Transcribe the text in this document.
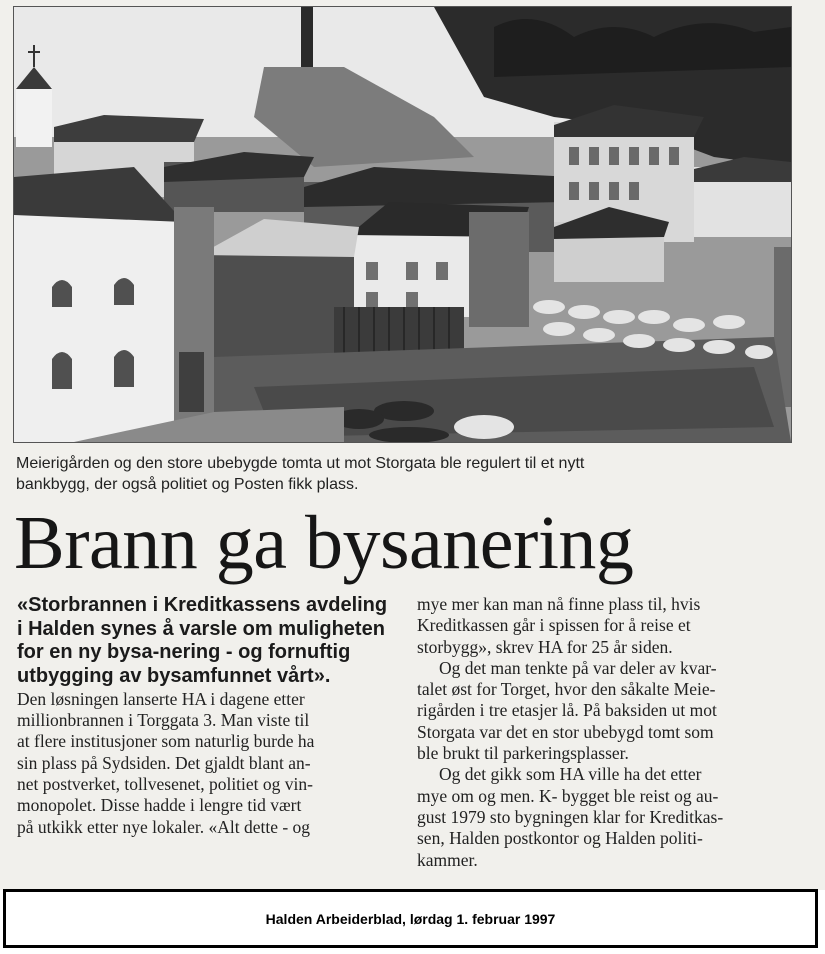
Meierigården og den store ubebygde tomta ut mot Storgata ble regulert til et nytt
bankbygg, der også politiet og Posten fikk plass.
Brann ga bysanering

«Storbrannen i Kreditkassens avdeling i Halden synes å varsle om muligheten for en ny bysa-nering - og fornuftig utbygging av bysamfunnet vårt».

Den løsningen lanserte HA i dagene etter
millionbrannen i Torggata 3. Man viste til
at flere institusjoner som naturlig burde ha
sin plass på Sydsiden. Det gjaldt blant an-
net postverket, tollvesenet, politiet og vin-
monopolet. Disse hadde i lengre tid vært
på utkikk etter nye lokaler. «Alt dette - og

mye mer kan man nå finne plass til, hvis
Kreditkassen går i spissen for å reise et
storbygg», skrev HA for 25 år siden.
Og det man tenkte på var deler av kvar-
talet øst for Torget, hvor den såkalte Meie-
rigården i tre etasjer lå. På baksiden ut mot
Storgata var det en stor ubebygd tomt som
ble brukt til parkeringsplasser.
Og det gikk som HA ville ha det etter
mye om og men. K- bygget ble reist og au-
gust 1979 sto bygningen klar for Kreditkas-
sen, Halden postkontor og Halden politi-
kammer.

Halden Arbeiderblad, lørdag 1. februar 1997
